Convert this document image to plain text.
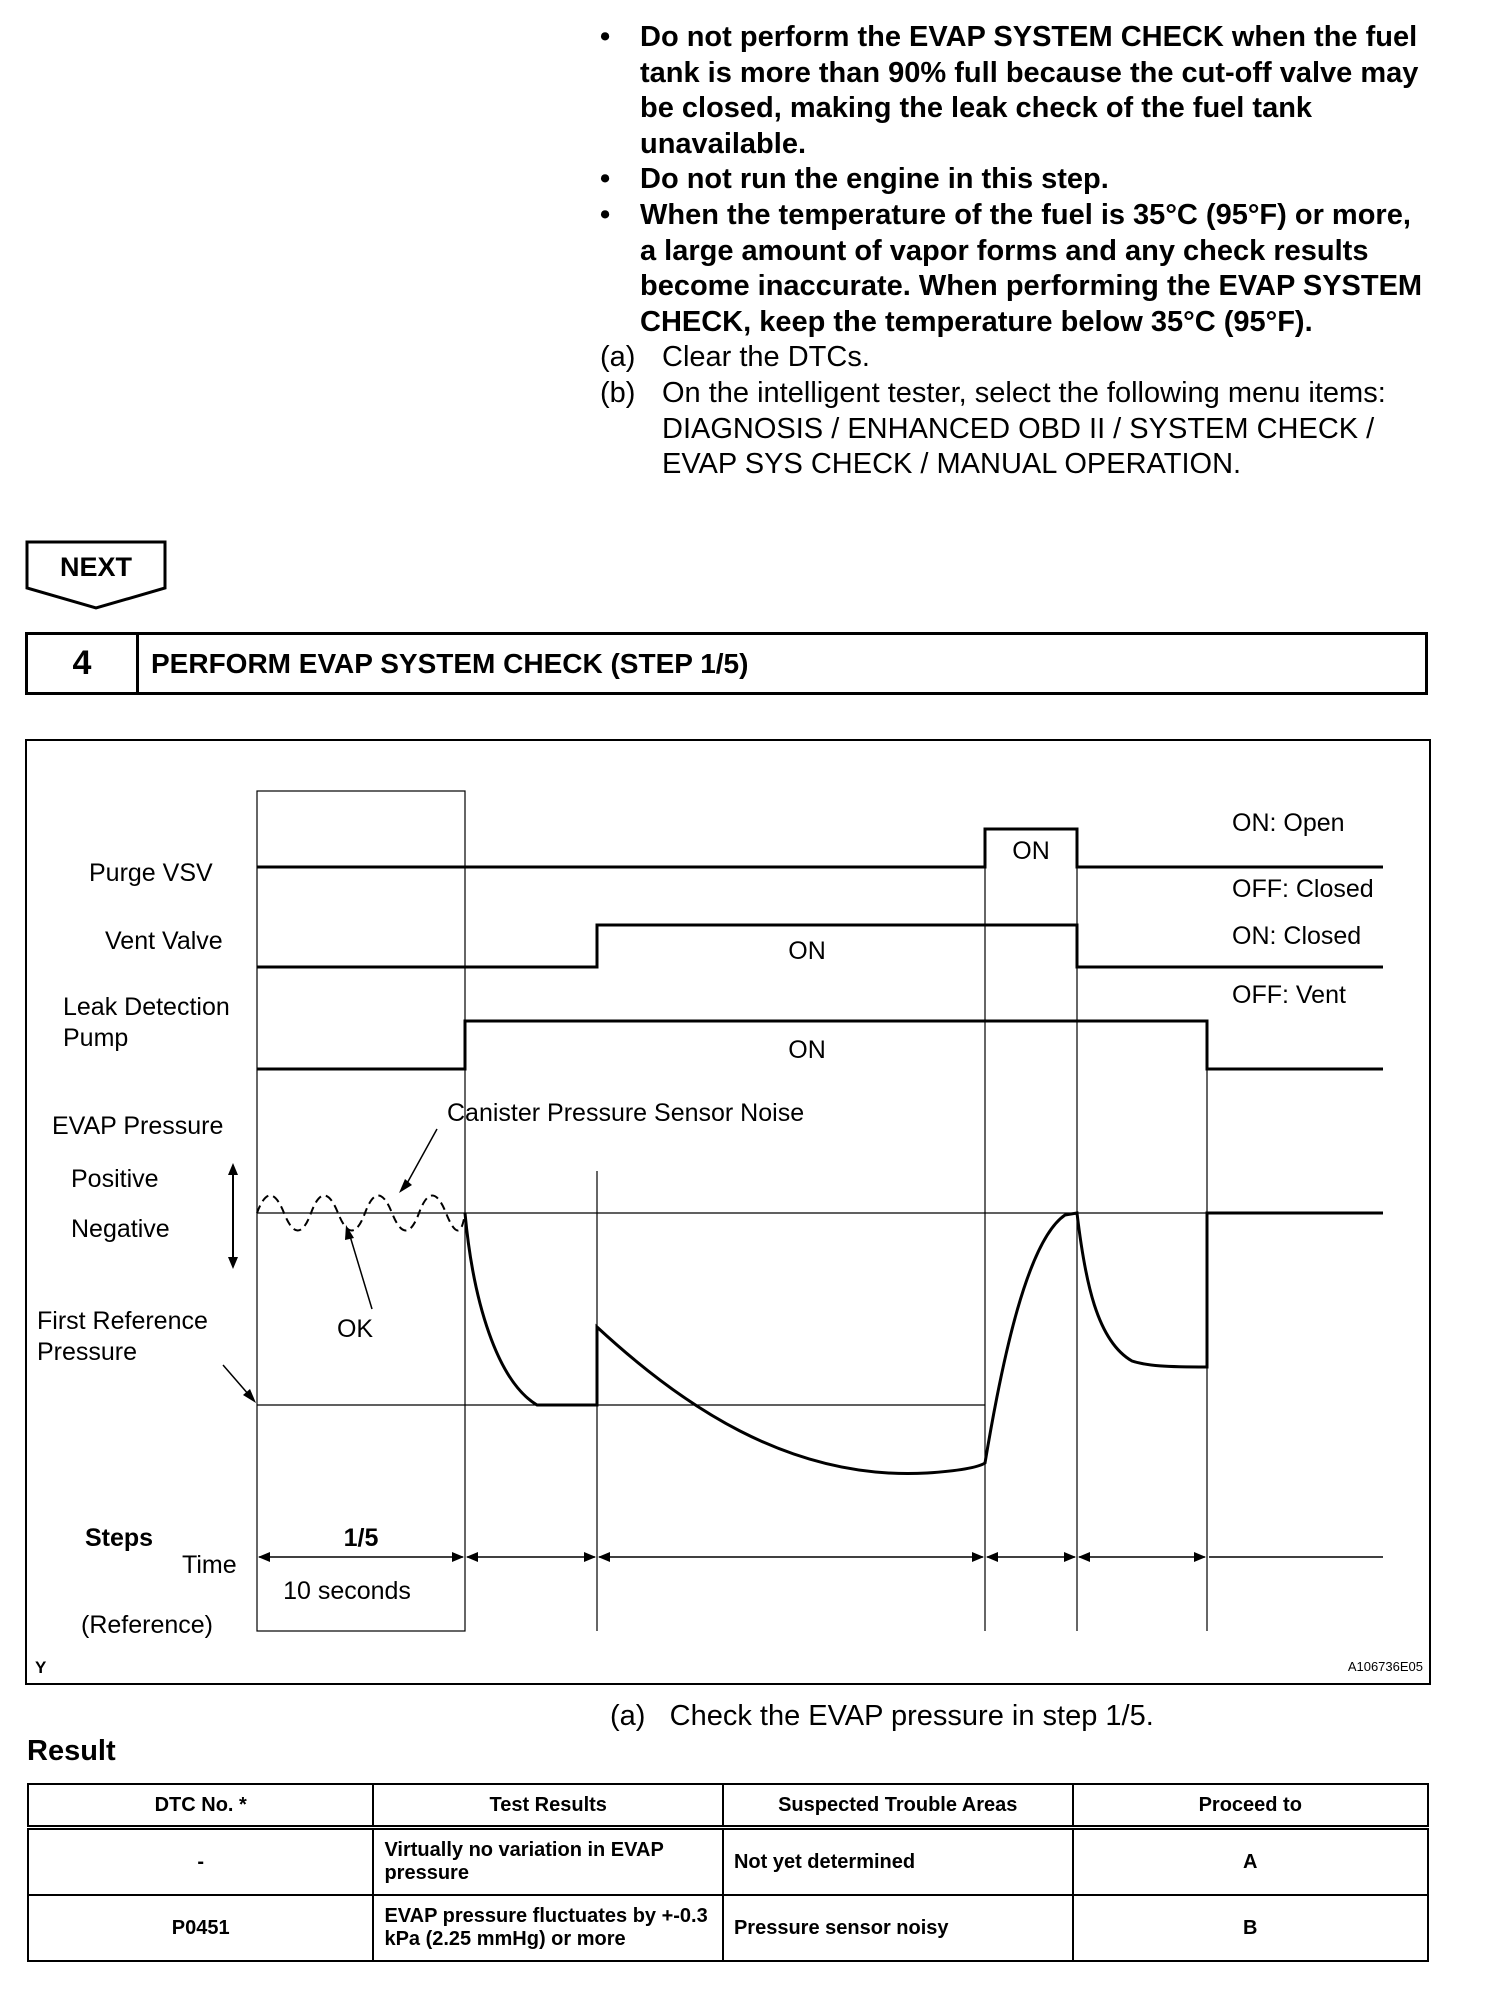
•	Do not perform the EVAP SYSTEM CHECK when the fuel tank is more than 90% full because the cut-off valve may be closed, making the leak check of the fuel tank unavailable.
•	Do not run the engine in this step.
•	When the temperature of the fuel is 35°C (95°F) or more, a large amount of vapor forms and any check results become inaccurate. When performing the EVAP SYSTEM CHECK, keep the temperature below 35°C (95°F).
(a) Clear the DTCs.
(b) On the intelligent tester, select the following menu items: DIAGNOSIS / ENHANCED OBD II / SYSTEM CHECK / EVAP SYS CHECK / MANUAL OPERATION.
NEXT
4	PERFORM EVAP SYSTEM CHECK (STEP 1/5)
Purge VSV
Vent Valve
Leak Detection
Pump
EVAP Pressure
Positive
Negative
First Reference
Pressure
ON: Open
OFF: Closed
ON: Closed
OFF: Vent
ON
ON
ON
Canister Pressure Sensor Noise
OK
Steps
Time
(Reference)
1/5
10 seconds
Y	A106736E05
(a) Check the EVAP pressure in step 1/5.
Result
DTC No. *	Test Results	Suspected Trouble Areas	Proceed to
-	Virtually no variation in EVAP pressure	Not yet determined	A
P0451	EVAP pressure fluctuates by +-0.3 kPa (2.25 mmHg) or more	Pressure sensor noisy	B
